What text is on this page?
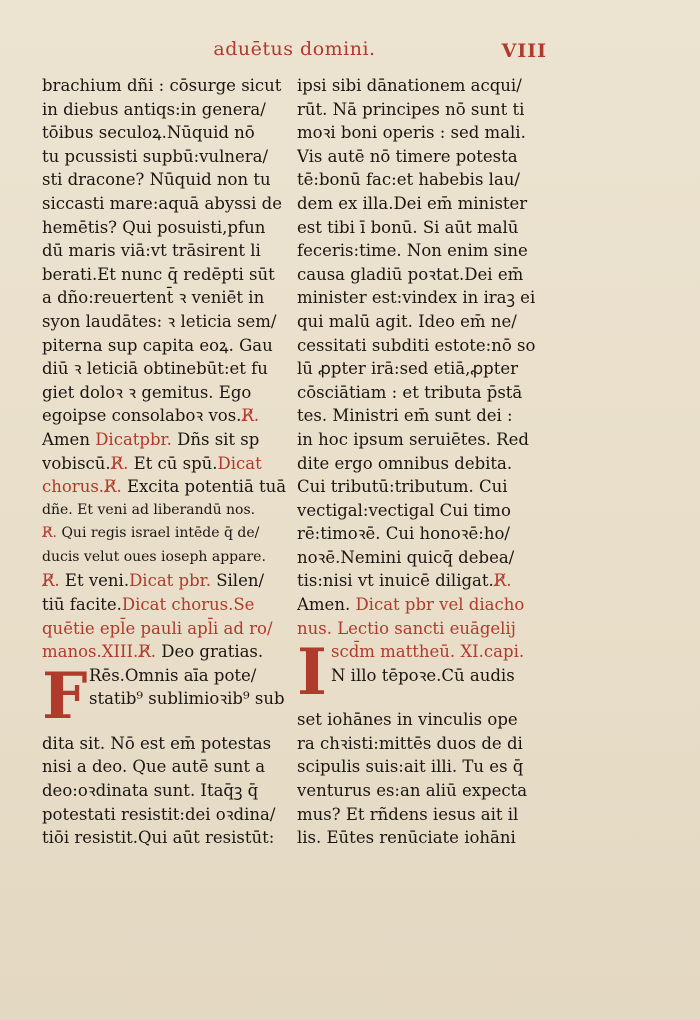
aduētus domini.	VIII
brachium dñi : cōsurge sicut
in diebus antiqs:in genera/
tōibus seculoꝝ.Nūquid nō
tu pcussisti supbū:vulnera/
sti dracone? Nūquid non tu
siccasti mare:aquā abyssi de
hemētis? Qui posuisti,pfun
dū maris viā:vt trāsirent li
berati.Et nunc q̄ redēpti sūt
a dño:reuertent̄ ꝛ veniēt in
syon laudātes: ꝛ leticia sem/
piterna sup capita eoꝝ. Gau
diū ꝛ leticiā obtinebūt:et fu
giet doloꝛ ꝛ gemitus. Ego
egoipse consolaboꝛ vos.R̸.
Amen Dicatpbr. Dñs sit sp
vobiscū.R̸. Et cū spū.Dicat
chorus.R̸. Excita potentiā tuā
dñe. Et veni ad liberandū nos.
R̸. Qui regis israel intēde q̄ de/
ducis velut oues ioseph appare.
R̸. Et veni.Dicat pbr. Silen/
tiū facite.Dicat chorus.Se
quētie epl̄e pauli apl̄i ad ro/
manos.XIII.R̸. Deo gratias.
F Rēs.Omnis aīa pote/
statib⁹ sublimioꝛib⁹ sub
dita sit. Nō est em̄ potestas
nisi a deo. Que autē sunt a
deo:oꝛdinata sunt. Itaq̄ꝫ q̄
potestati resistit:dei oꝛdina/
tiōi resistit.Qui aūt resistūt:
ipsi sibi dānationem acqui/
rūt. Nā principes nō sunt ti
moꝛi boni operis : sed mali.
Vis autē nō timere potesta
tē:bonū fac:et habebis lau/
dem ex illa.Dei em̄ minister
est tibi ī bonū. Si aūt malū
feceris:time. Non enim sine
causa gladiū poꝛtat.Dei em̄
minister est:vindex in iraꝫ ei
qui malū agit. Ideo em̄ ne/
cessitati subditi estote:nō so
lū ꝓpter irā:sed etiā,ꝓpter
cōsciātiam : et tributa p̄stā
tes. Ministri em̄ sunt dei :
in hoc ipsum seruiētes. Red
dite ergo omnibus debita.
Cui tributū:tributum. Cui
vectigal:vectigal Cui timo
rē:timoꝛē. Cui honoꝛē:ho/
noꝛē.Nemini quicq̄ debea/
tis:nisi vt inuicē diligat.R̸.
Amen. Dicat pbr vel diacho
nus. Lectio sancti euāgelij
I scd̄m mattheū. XI.capi.
N illo tēpoꝛe.Cū audis
set iohānes in vinculis ope
ra chꝛisti:mittēs duos de di
scipulis suis:ait illi. Tu es q̄
venturus es:an aliū expecta
mus? Et rñdens iesus ait il
lis. Eūtes renūciate iohāni
